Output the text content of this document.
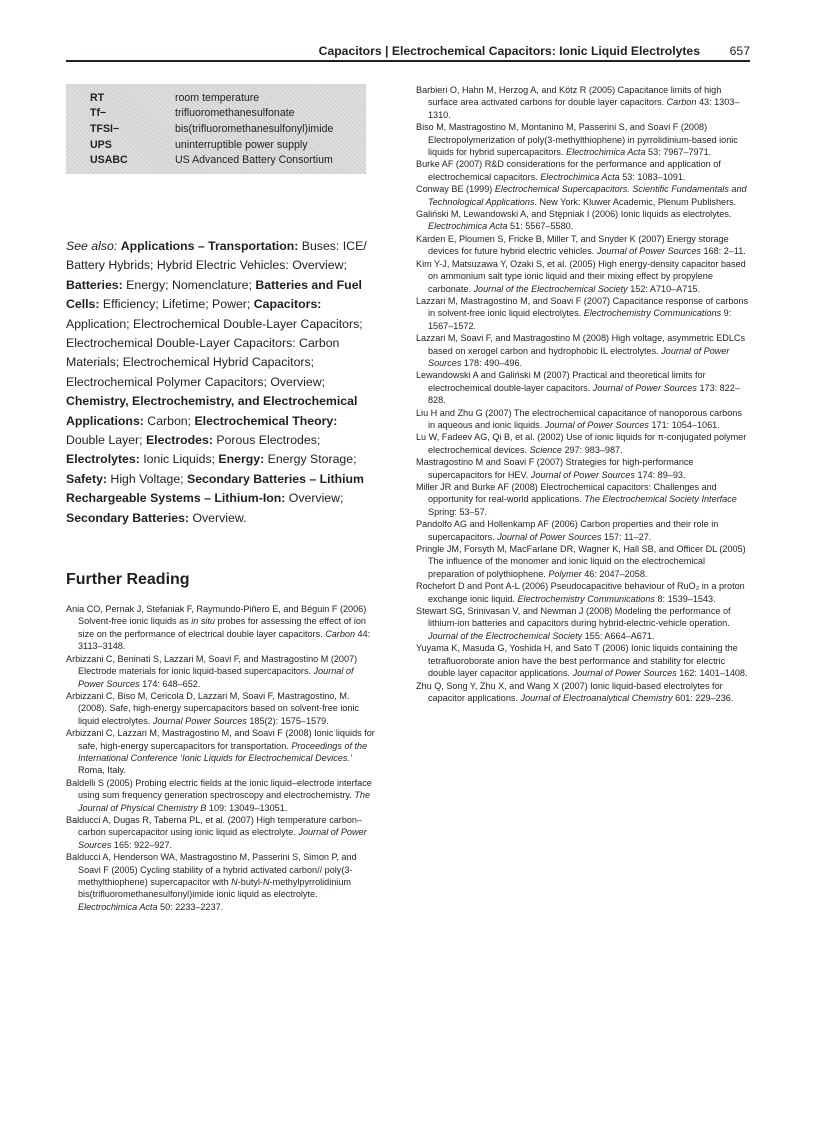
Capacitors | Electrochemical Capacitors: Ionic Liquid Electrolytes 657
RT	room temperature
Tf−	trifluoromethanesulfonate
TFSI−	bis(trifluoromethanesulfonyl)imide
UPS	uninterruptible power supply
USABC	US Advanced Battery Consortium
See also: Applications – Transportation: Buses: ICE/ Battery Hybrids; Hybrid Electric Vehicles: Overview; Batteries: Energy; Nomenclature; Batteries and Fuel Cells: Efficiency; Lifetime; Power; Capacitors: Application; Electrochemical Double-Layer Capacitors; Electrochemical Double-Layer Capacitors: Carbon Materials; Electrochemical Hybrid Capacitors; Electrochemical Polymer Capacitors; Overview; Chemistry, Electrochemistry, and Electrochemical Applications: Carbon; Electrochemical Theory: Double Layer; Electrodes: Porous Electrodes; Electrolytes: Ionic Liquids; Energy: Energy Storage; Safety: High Voltage; Secondary Batteries – Lithium Rechargeable Systems – Lithium-Ion: Overview; Secondary Batteries: Overview.
Further Reading
Ania CO, Pernak J, Stefaniak F, Raymundo-Piñero E, and Béguin F (2006) Solvent-free ionic liquids as in situ probes for assessing the effect of ion size on the performance of electrical double layer capacitors. Carbon 44: 3113–3148.
Arbizzani C, Beninati S, Lazzari M, Soavi F, and Mastragostino M (2007) Electrode materials for ionic liquid-based supercapacitors. Journal of Power Sources 174: 648–652.
Arbizzani C, Biso M, Cericola D, Lazzari M, Soavi F, Mastragostino, M. (2008). Safe, high-energy supercapacitors based on solvent-free ionic liquid electrolytes. Journal Power Sources 185(2): 1575–1579.
Arbizzani C, Lazzari M, Mastragostino M, and Soavi F (2008) Ionic liquids for safe, high-energy supercapacitors for transportation. Proceedings of the International Conference ‘Ionic Liquids for Electrochemical Devices.’ Roma, Italy.
Baldelli S (2005) Probing electric fields at the ionic liquid–electrode interface using sum frequency generation spectroscopy and electrochemistry. The Journal of Physical Chemistry B 109: 13049–13051.
Balducci A, Dugas R, Taberna PL, et al. (2007) High temperature carbon–carbon supercapacitor using ionic liquid as electrolyte. Journal of Power Sources 165: 922–927.
Balducci A, Henderson WA, Mastragostino M, Passerini S, Simon P, and Soavi F (2005) Cycling stability of a hybrid activated carbon// poly(3-methylthiophene) supercapacitor with N-butyl-N-methylpyrrolidinium bis(trifluoromethanesulfonyl)imide ionic liquid as electrolyte. Electrochimica Acta 50: 2233–2237.
Barbieri O, Hahn M, Herzog A, and Kötz R (2005) Capacitance limits of high surface area activated carbons for double layer capacitors. Carbon 43: 1303–1310.
Biso M, Mastragostino M, Montanino M, Passerini S, and Soavi F (2008) Electropolymerization of poly(3-methylthiophene) in pyrrolidinium-based ionic liquids for hybrid supercapacitors. Electrochimica Acta 53: 7967–7971.
Burke AF (2007) R&D considerations for the performance and application of electrochemical capacitors. Electrochimica Acta 53: 1083–1091.
Conway BE (1999) Electrochemical Supercapacitors. Scientific Fundamentals and Technological Applications. New York: Kluwer Academic, Plenum Publishers.
Galiński M, Lewandowski A, and Stępniak I (2006) Ionic liquids as electrolytes. Electrochimica Acta 51: 5567–5580.
Karden E, Ploumen S, Fricke B, Miller T, and Snyder K (2007) Energy storage devices for future hybrid electric vehicles. Journal of Power Sources 168: 2–11.
Kim Y-J, Matsuzawa Y, Ozaki S, et al. (2005) High energy-density capacitor based on ammonium salt type ionic liquid and their mixing effect by propylene carbonate. Journal of the Electrochemical Society 152: A710–A715.
Lazzari M, Mastragostino M, and Soavi F (2007) Capacitance response of carbons in solvent-free ionic liquid electrolytes. Electrochemistry Communications 9: 1567–1572.
Lazzari M, Soavi F, and Mastragostino M (2008) High voltage, asymmetric EDLCs based on xerogel carbon and hydrophobic IL electrolytes. Journal of Power Sources 178: 490–496.
Lewandowski A and Galiński M (2007) Practical and theoretical limits for electrochemical double-layer capacitors. Journal of Power Sources 173: 822–828.
Liu H and Zhu G (2007) The electrochemical capacitance of nanoporous carbons in aqueous and ionic liquids. Journal of Power Sources 171: 1054–1061.
Lu W, Fadeev AG, Qi B, et al. (2002) Use of ionic liquids for π-conjugated polymer electrochemical devices. Science 297: 983–987.
Mastragostino M and Soavi F (2007) Strategies for high-performance supercapacitors for HEV. Journal of Power Sources 174: 89–93.
Miller JR and Burke AF (2008) Electrochemical capacitors: Challenges and opportunity for real-world applications. The Electrochemical Society Interface Spring: 53–57.
Pandolfo AG and Hollenkamp AF (2006) Carbon properties and their role in supercapacitors. Journal of Power Sources 157: 11–27.
Pringle JM, Forsyth M, MacFarlane DR, Wagner K, Hall SB, and Officer DL (2005) The influence of the monomer and ionic liquid on the electrochemical preparation of polythiophene. Polymer 46: 2047–2058.
Rochefort D and Pont A-L (2006) Pseudocapacitive behaviour of RuO₂ in a proton exchange ionic liquid. Electrochemistry Communications 8: 1539–1543.
Stewart SG, Srinivasan V, and Newman J (2008) Modeling the performance of lithium-ion batteries and capacitors during hybrid-electric-vehicle operation. Journal of the Electrochemical Society 155: A664–A671.
Yuyama K, Masuda G, Yoshida H, and Sato T (2006) Ionic liquids containing the tetrafluoroborate anion have the best performance and stability for electric double layer capacitor applications. Journal of Power Sources 162: 1401–1408.
Zhu Q, Song Y, Zhu X, and Wang X (2007) Ionic liquid-based electrolytes for capacitor applications. Journal of Electroanalytical Chemistry 601: 229–236.
